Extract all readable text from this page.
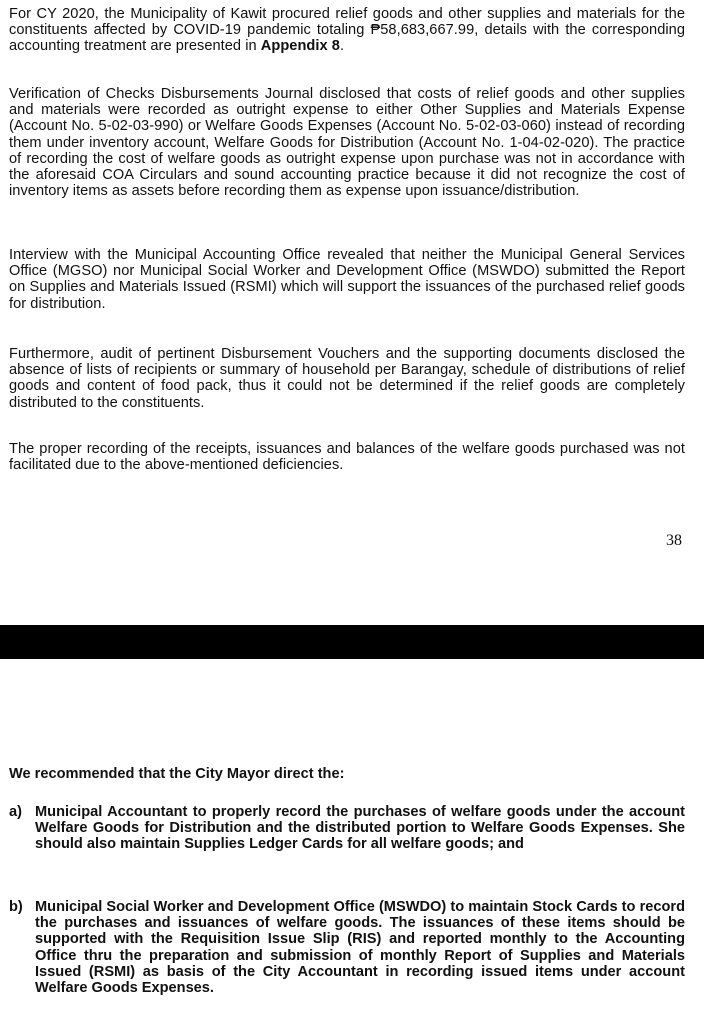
For CY 2020, the Municipality of Kawit procured relief goods and other supplies and materials for the constituents affected by COVID-19 pandemic totaling ₱58,683,667.99, details with the corresponding accounting treatment are presented in Appendix 8.

Verification of Checks Disbursements Journal disclosed that costs of relief goods and other supplies and materials were recorded as outright expense to either Other Supplies and Materials Expense (Account No. 5-02-03-990) or Welfare Goods Expenses (Account No. 5-02-03-060) instead of recording them under inventory account, Welfare Goods for Distribution (Account No. 1-04-02-020). The practice of recording the cost of welfare goods as outright expense upon purchase was not in accordance with the aforesaid COA Circulars and sound accounting practice because it did not recognize the cost of inventory items as assets before recording them as expense upon issuance/distribution.

Interview with the Municipal Accounting Office revealed that neither the Municipal General Services Office (MGSO) nor Municipal Social Worker and Development Office (MSWDO) submitted the Report on Supplies and Materials Issued (RSMI) which will support the issuances of the purchased relief goods for distribution.

Furthermore, audit of pertinent Disbursement Vouchers and the supporting documents disclosed the absence of lists of recipients or summary of household per Barangay, schedule of distributions of relief goods and content of food pack, thus it could not be determined if the relief goods are completely distributed to the constituents.

The proper recording of the receipts, issuances and balances of the welfare goods purchased was not facilitated due to the above-mentioned deficiencies.

38

We recommended that the City Mayor direct the:

a) Municipal Accountant to properly record the purchases of welfare goods under the account Welfare Goods for Distribution and the distributed portion to Welfare Goods Expenses. She should also maintain Supplies Ledger Cards for all welfare goods; and

b) Municipal Social Worker and Development Office (MSWDO) to maintain Stock Cards to record the purchases and issuances of welfare goods. The issuances of these items should be supported with the Requisition Issue Slip (RIS) and reported monthly to the Accounting Office thru the preparation and submission of monthly Report of Supplies and Materials Issued (RSMI) as basis of the City Accountant in recording issued items under account Welfare Goods Expenses.
